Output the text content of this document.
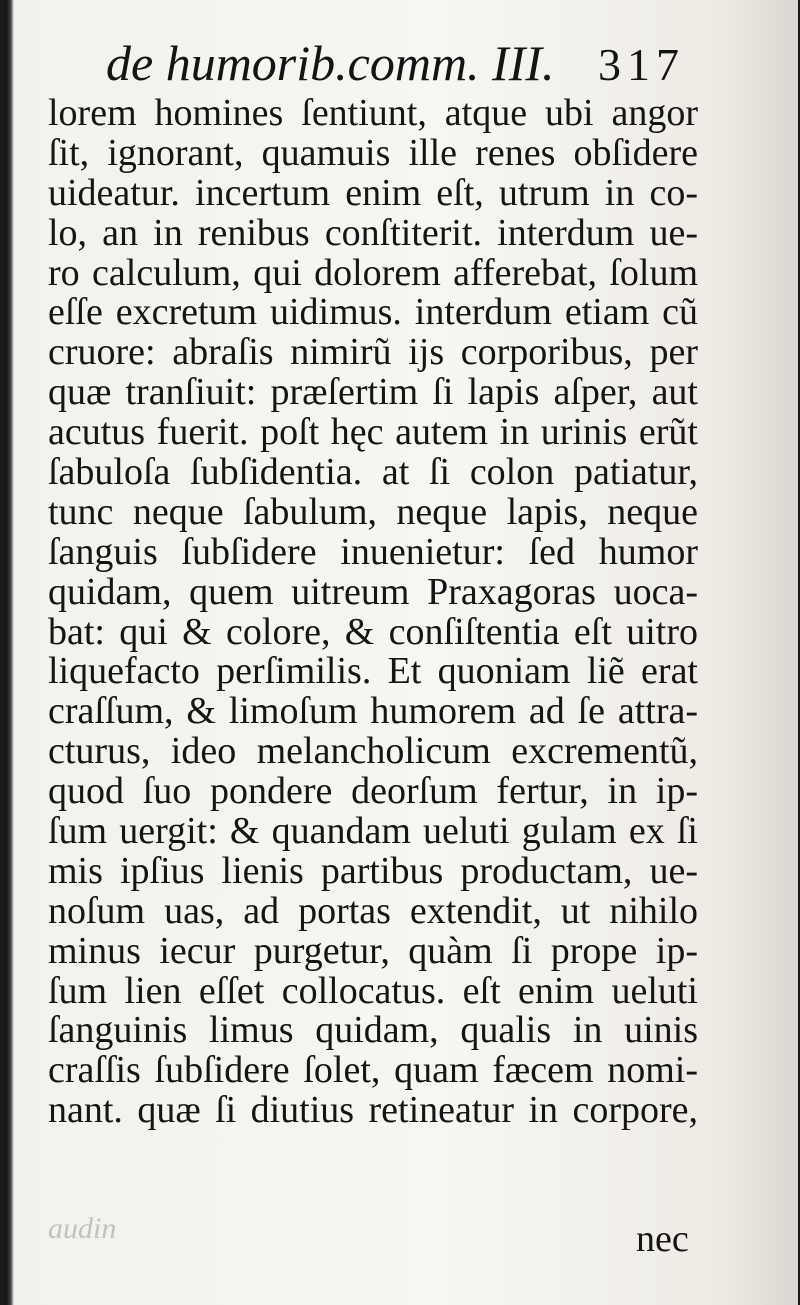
de humorib.comm. III. 317
lorem homines ſentiunt, atque ubi angor
ſit, ignorant, quamuis ille renes obſidere
uideatur. incertum enim eſt, utrum in co-
lo, an in renibus conſtiterit. interdum ue-
ro calculum, qui dolorem afferebat, ſolum
eſſe excretum uidimus. interdum etiam cũ
cruore: abraſis nimirũ ijs corporibus, per
quæ tranſiuit: præſertim ſi lapis aſper, aut
acutus fuerit. poſt hęc autem in urinis erũt
ſabuloſa ſubſidentia. at ſi colon patiatur,
tunc neque ſabulum, neque lapis, neque
ſanguis ſubſidere inuenietur: ſed humor
quidam, quem uitreum Praxagoras uoca-
bat: qui & colore, & conſiſtentia eſt uitro
liquefacto perſimilis. Et quoniam liẽ erat
craſſum, & limoſum humorem ad ſe attra-
cturus, ideo melancholicum excrementũ,
quod ſuo pondere deorſum fertur, in ip-
ſum uergit: & quandam ueluti gulam ex ſi
mis ipſius lienis partibus productam, ue-
noſum uas, ad portas extendit, ut nihilo
minus iecur purgetur, quàm ſi prope ip-
ſum lien eſſet collocatus. eſt enim ueluti
ſanguinis limus quidam, qualis in uinis
craſſis ſubſidere ſolet, quam fæcem nomi-
nant. quæ ſi diutius retineatur in corpore,
audin	nec
